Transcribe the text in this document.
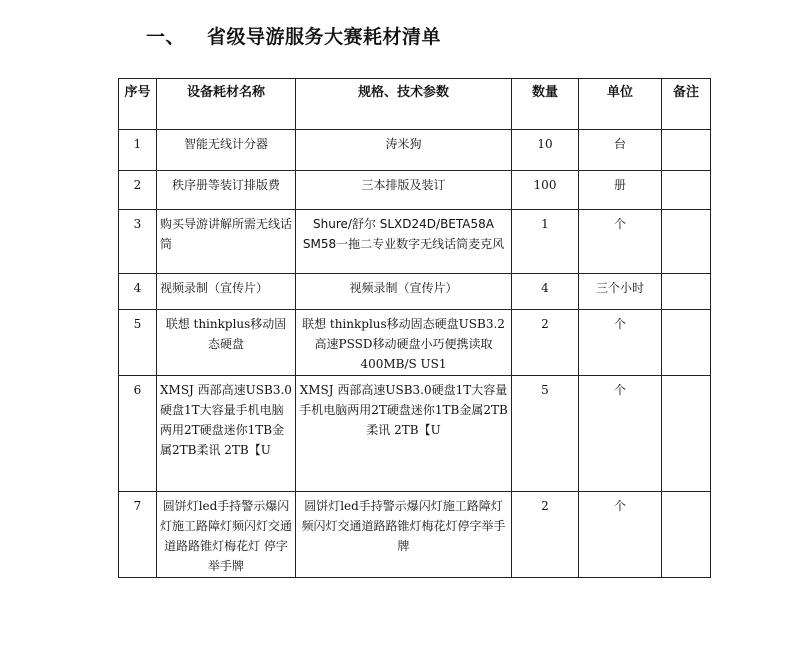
一、 省级导游服务大赛耗材清单
序号	设备耗材名称	规格、技术参数	数量	单位	备注
1	智能无线计分器	涛米狗	10	台	
2	秩序册等装订排版费	三本排版及装订	100	册	
3	购买导游讲解所需无线话筒	Shure/舒尔 SLXD24D/BETA58A SM58一拖二专业数字无线话筒麦克风	1	个	
4	视频录制（宣传片）	视频录制（宣传片）	4	三个小时	
5	联想 thinkplus移动固态硬盘	联想 thinkplus移动固态硬盘USB3.2高速PSSD移动硬盘小巧便携读取400MB/S US1	2	个	
6	XMSJ 西部高速USB3.0硬盘1T大容量手机电脑两用2T硬盘迷你1TB金属2TB柔讯 2TB【U	XMSJ 西部高速USB3.0硬盘1T大容量手机电脑两用2T硬盘迷你1TB金属2TB柔讯 2TB【U	5	个	
7	圆饼灯led手持警示爆闪灯施工路障灯频闪灯交通道路路锥灯梅花灯 停字举手牌	圆饼灯led手持警示爆闪灯施工路障灯频闪灯交通道路路锥灯梅花灯停字举手牌	2	个	
